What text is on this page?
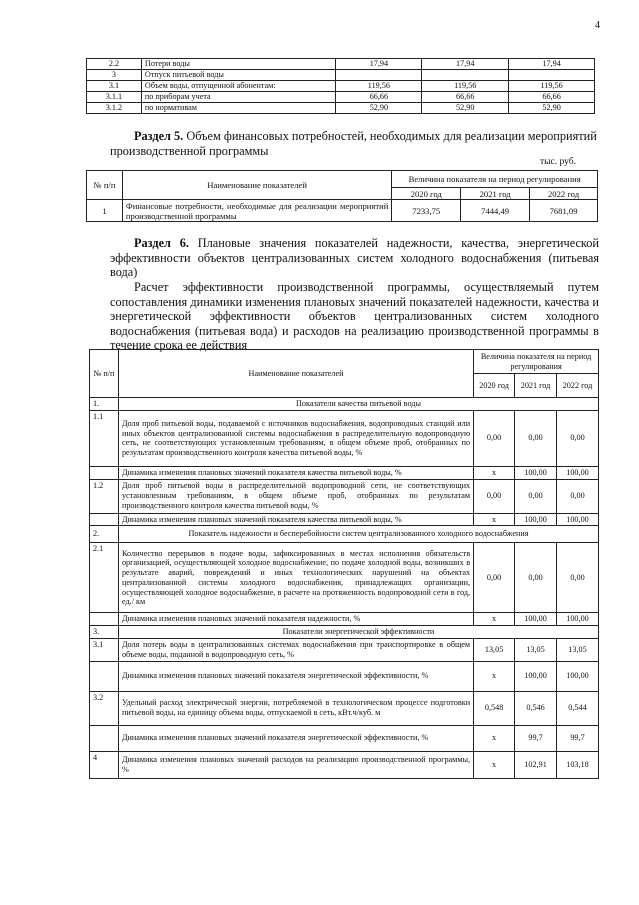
4
2.2	Потери воды	17,94	17,94	17,94
3	Отпуск питьевой воды			
3.1	Объем воды, отпущенной абонентам:	119,56	119,56	119,56
3.1.1	по приборам учета	66,66	66,66	66,66
3.1.2	по нормативам	52,90	52,90	52,90
Раздел 5. Объем финансовых потребностей, необходимых для реализации мероприятий производственной программы
тыс. руб.
№ п/п	Наименование показателей	Величина показателя на период регулирования		
		2020 год	2021 год	2022 год
1	Финансовые потребности, необходимые для реализации мероприятий производственной программы	7233,75	7444,49	7681,09
Раздел 6. Плановые значения показателей надежности, качества, энергетической эффективности объектов централизованных систем холодного водоснабжения (питьевая вода)
Расчет эффективности производственной программы, осуществляемый путем сопоставления динамики изменения плановых значений показателей надежности, качества и энергетической эффективности объектов централизованных систем холодного водоснабжения (питьевая вода) и расходов на реализацию производственной программы в течение срока ее действия
№ п/п	Наименование показателей	Величина показателя на период регулирования		
		2020 год	2021 год	2022 год
1.	Показатели качества питьевой воды			
1.1	Доля проб питьевой воды, подаваемой с источников водоснабжения, водопроводных станций или иных объектов централизованной системы водоснабжения в распределительную водопроводную сеть, не соответствующих установленным требованиям, в общем объеме проб, отобранных по результатам производственного контроля качества питьевой воды, %	0,00	0,00	0,00
	Динамика изменения плановых значений показателя качества питьевой воды, %	х	100,00	100,00
1.2	Доля проб питьевой воды в распределительной водопроводной сети, не соответствующих установленным требованиям, в общем объеме проб, отобранных по результатам производственного контроля качества питьевой воды, %	0,00	0,00	0,00
	Динамика изменения плановых значений показателя качества питьевой воды, %	х	100,00	100,00
2.	Показатель надежности и бесперебойности систем централизованного холодного водоснабжения			
2.1	Количество перерывов в подаче воды, зафиксированных в местах исполнения обязательств организацией, осуществляющей холодное водоснабжение, по подаче холодной воды, возникших в результате аварий, повреждений и иных технологических нарушений на объектах централизованной системы холодного водоснабжения, принадлежащих организации, осуществляющей холодное водоснабжение, в расчете на протяженность водопроводной сети в год, ед./ км	0,00	0,00	0,00
	Динамика изменения плановых значений показателя надежности, %	х	100,00	100,00
3.	Показатели энергетической эффективности			
3.1	Доля потерь воды в централизованных системах водоснабжения при транспортировке в общем объеме воды, поданной в водопроводную сеть, %	13,05	13,05	13,05
	Динамика изменения плановых значений показателя энергетической эффективности, %	х	100,00	100,00
3.2	Удельный расход электрической энергии, потребляемой в технологическом процессе подготовки питьевой воды, на единицу объема воды, отпускаемой в сеть, кВт.ч/куб. м	0,548	0,546	0,544
	Динамика изменения плановых значений показателя энергетической эффективности, %	х	99,7	99,7
4	Динамика изменения плановых значений расходов на реализацию производственной программы, %	х	102,91	103,18
